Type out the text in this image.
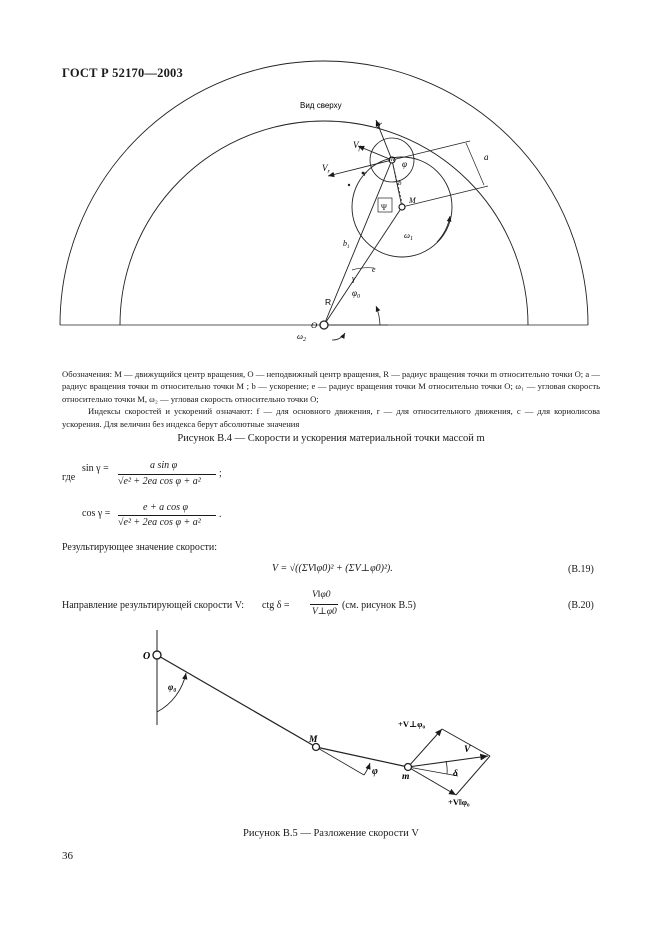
ГОСТ Р 52170—2003
Вид сверху
$V_f$
$V_r$
$a_c$
m
φ
Ψ
M
$\omega_1$
$b_1$
e
γ
$\varphi_0$
R
O
$\omega_2$
a
r
b

Обозначения: M — движущийся центр вращения, O — неподвижный центр вращения, R — радиус вращения точки m относительно точки O; a — радиус вращения точки m относительно точки M ; b — ускорение; e — радиус вращения точки M относительно точки O; ω₁ — угловая скорость относительно точки M, ω₂ — угловая скорость относительно точки O;

Индексы скоростей и ускорений означают: f — для основного движения, r — для относительного движения, c — для кориолисова ускорения. Для величин без индекса берут абсолютные значения

Рисунок В.4 — Скорости и ускорения материальной точки массой m
где
sin γ =	a sin φ
√e² + 2ea cos φ + a²
;
cos γ =
e + a cos φ
√e² + 2ea cos φ + a²
.
Результирующее значение скорости:
V = √((ΣV‖φ0)² + (ΣV⊥φ0)²).	(В.19)
Направление результирующей скорости V: ctg δ =
V‖φ0
V⊥φ0
(см. рисунок В.5)	(В.20)
O
φ₀
M
φ	m
+V⊥φ₀
V
δ
+V‖φ₀
Рисунок В.5 — Разложение скорости V
36
